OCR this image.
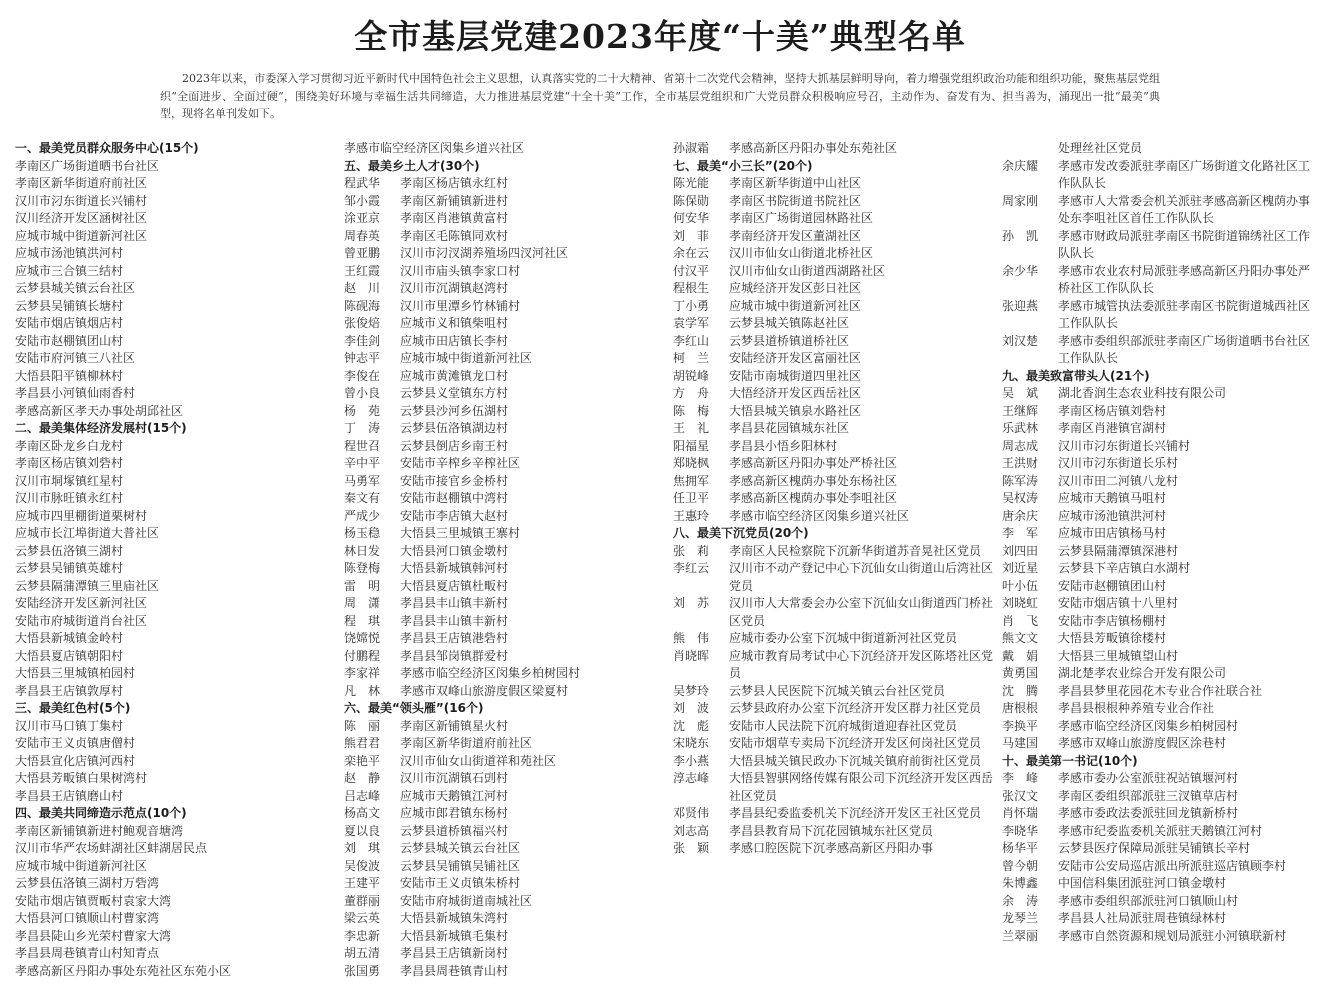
全市基层党建2023年度“十美”典型名单

2023年以来，市委深入学习贯彻习近平新时代中国特色社会主义思想，认真落实党的二十大精神、省第十二次党代会精神，坚持大抓基层鲜明导向，着力增强党组织政治功能和组织功能，聚焦基层党组织“全面进步、全面过硬”，围绕美好环境与幸福生活共同缔造，大力推进基层党建“十全十美”工作，全市基层党组织和广大党员群众积极响应号召，主动作为、奋发有为、担当善为，涌现出一批“最美”典型，现将名单刊发如下。

一、最美党员群众服务中心(15个)
孝南区广场街道晒书台社区
孝南区新华街道府前社区
汉川市汈东街道长兴铺村
汉川经济开发区涵树社区
应城市城中街道新河社区
应城市汤池镇洪河村
应城市三合镇三结村
云梦县城关镇云台社区
云梦县吴铺镇长塘村
安陆市烟店镇烟店村
安陆市赵棚镇团山村
安陆市府河镇三八社区
大悟县阳平镇柳林村
孝昌县小河镇仙雨香村
孝感高新区孝天办事处胡邱社区
二、最美集体经济发展村(15个)
孝南区卧龙乡白龙村
孝南区杨店镇刘砦村
汉川市垌塚镇红星村
汉川市脉旺镇永红村
应城市四里棚街道栗树村
应城市长江埠街道大普社区
云梦县伍洛镇三湖村
云梦县吴铺镇英雄村
云梦县隔蒲潭镇三里庙社区
安陆经济开发区新河社区
安陆市府城街道肖台社区
大悟县新城镇金岭村
大悟县夏店镇朝阳村
大悟县三里城镇柏园村
孝昌县王店镇敦厚村
三、最美红色村(5个)
汉川市马口镇丁集村
安陆市王义贞镇唐僧村
大悟县宣化店镇河西村
大悟县芳畈镇白果树湾村
孝昌县王店镇磨山村
四、最美共同缔造示范点(10个)
孝南区新铺镇新进村鲍观音塘湾
汉川市华严农场蚌湖社区蚌湖居民点
应城市城中街道新河社区
云梦县伍洛镇三湖村万砦湾
安陆市烟店镇贾畈村袁家大湾
大悟县河口镇顺山村曹家湾
孝昌县陡山乡光荣村曹家大湾
孝昌县周巷镇青山村知青点
孝感高新区丹阳办事处东苑社区东苑小区
孝感市临空经济区闵集乡道兴社区
五、最美乡土人才(30个)
程武华	孝南区杨店镇永红村
邹小霞	孝南区新铺镇新进村
涂亚京	孝南区肖港镇黄富村
周春英	孝南区毛陈镇同欢村
曾亚鹏	汉川市汈汊湖养殖场四汊河社区
王红霞	汉川市庙头镇李家口村
赵　川	汉川市沉湖镇赵湾村
陈砚海	汉川市里潭乡竹林铺村
张俊焙	应城市义和镇柴咀村
李佳剑	应城市田店镇长李村
钟志平	应城市城中街道新河社区
李俊在	应城市黄滩镇龙口村
曾小良	云梦县义堂镇东方村
杨　苑	云梦县沙河乡伍湖村
丁　涛	云梦县伍洛镇湖边村
程世召	云梦县倒店乡南王村
辛中平	安陆市辛榨乡辛榨社区
马勇军	安陆市接官乡金桥村
秦文有	安陆市赵棚镇中湾村
严成少	安陆市李店镇大赵村
杨玉稳	大悟县三里城镇王寨村
林日发	大悟县河口镇金墩村
陈登梅	大悟县新城镇韩河村
雷　明	大悟县夏店镇杜畈村
周　潇	孝昌县丰山镇丰新村
程　琪	孝昌县丰山镇丰新村
饶嫦悦	孝昌县王店镇港砦村
付鹏程	孝昌县邹岗镇群爱村
李家祥	孝感市临空经济区闵集乡柏树园村
凡　林	孝感市双峰山旅游度假区梁夏村
六、最美“领头雁”(16个)
陈　丽	孝南区新铺镇星火村
熊君君	孝南区新华街道府前社区
栾艳平	汉川市仙女山街道祥和苑社区
赵　静	汉川市沉湖镇石剅村
吕志峰	应城市天鹅镇江河村
杨高文	应城市郎君镇东杨村
夏以良	云梦县道桥镇福兴村
刘　琪	云梦县城关镇云台社区
吴俊波	云梦县吴铺镇吴铺社区
王建平	安陆市王义贞镇朱桥村
董群丽	安陆市府城街道南城社区
梁云英	大悟县新城镇朱湾村
李忠新	大悟县新城镇毛集村
胡五清	孝昌县王店镇新岗村
张国勇	孝昌县周巷镇青山村
孙淑霜	孝感高新区丹阳办事处东苑社区
七、最美“小三长”(20个)
陈光能	孝南区新华街道中山社区
陈保勋	孝南区书院街道书院社区
何安华	孝南区广场街道园林路社区
刘　菲	孝南经济开发区董湖社区
余在云	汉川市仙女山街道北桥社区
付汉平	汉川市仙女山街道西湖路社区
程根生	应城经济开发区彭日社区
丁小勇	应城市城中街道新河社区
袁学军	云梦县城关镇陈赵社区
李红山	云梦县道桥镇道桥社区
柯　兰	安陆经济开发区富丽社区
胡锐峰	安陆市南城街道四里社区
方　舟	大悟经济开发区西岳社区
陈　梅	大悟县城关镇泉水路社区
王　礼	孝昌县花园镇城东社区
阳福星	孝昌县小悟乡阳林村
郑晓枫	孝感高新区丹阳办事处严桥社区
焦拥军	孝感高新区槐荫办事处东杨社区
任卫平	孝感高新区槐荫办事处李咀社区
王惠玲	孝感市临空经济区闵集乡道兴社区
八、最美下沉党员(20个)
张　莉	孝南区人民检察院下沉新华街道苏音晃社区党员
李红云	汉川市不动产登记中心下沉仙女山街道山后湾社区党员
刘　苏	汉川市人大常委会办公室下沉仙女山街道西门桥社区党员
熊　伟	应城市委办公室下沉城中街道新河社区党员
肖晓晖	应城市教育局考试中心下沉经济开发区陈塔社区党员
吴梦玲	云梦县人民医院下沉城关镇云台社区党员
刘　波	云梦县政府办公室下沉经济开发区群力社区党员
沈　彪	安陆市人民法院下沉府城街道迎春社区党员
宋晓东	安陆市烟草专卖局下沉经济开发区何岗社区党员
李小燕	大悟县城关镇民政办下沉城关镇府前街社区党员
淳志峰	大悟县智骐网络传媒有限公司下沉经济开发区西岳社区党员
邓贤伟	孝昌县纪委监委机关下沉经济开发区王社区党员
刘志高	孝昌县教育局下沉花园镇城东社区党员
张　颖	孝感口腔医院下沉孝感高新区丹阳办事
处理丝社区党员
余庆耀	孝感市发改委派驻孝南区广场街道文化路社区工作队队长
周家刚	孝感市人大常委会机关派驻孝感高新区槐荫办事处东李咀社区首任工作队队长
孙　凯	孝感市财政局派驻孝南区书院街道锦绣社区工作队队长
余少华	孝感市农业农村局派驻孝感高新区丹阳办事处严桥社区工作队队长
张迎燕	孝感市城管执法委派驻孝南区书院街道城西社区工作队队长
刘汉楚	孝感市委组织部派驻孝南区广场街道晒书台社区工作队队长
九、最美致富带头人(21个)
吴　斌	湖北香润生态农业科技有限公司
王继辉	孝南区杨店镇刘砦村
乐武林	孝南区肖港镇官湖村
周志成	汉川市汈东街道长兴铺村
王洪财	汉川市汈东街道长乐村
陈军涛	汉川市田二河镇八龙村
吴权涛	应城市天鹅镇马咀村
唐余庆	应城市汤池镇洪河村
李　军	应城市田店镇杨马村
刘四田	云梦县隔蒲潭镇深港村
刘近星	云梦县下辛店镇白水湖村
叶小伍	安陆市赵棚镇团山村
刘晓虹	安陆市烟店镇十八里村
肖　飞	安陆市李店镇杨棚村
熊文文	大悟县芳畈镇徐楼村
戴　娟	大悟县三里城镇望山村
黄勇国	湖北楚孝农业综合开发有限公司
沈　腾	孝昌县梦里花园花木专业合作社联合社
唐根根	孝昌县根根种养殖专业合作社
李换平	孝感市临空经济区闵集乡柏树园村
马建国	孝感市双峰山旅游度假区涂巷村
十、最美第一书记(10个)
李　峰	孝感市委办公室派驻祝站镇堰河村
张汉文	孝南区委组织部派驻三汊镇草店村
肖怀瑞	孝感市委政法委派驻回龙镇新桥村
李晓华	孝感市纪委监委机关派驻天鹅镇江河村
杨华平	云梦县医疗保障局派驻吴铺镇长辛村
曾今朝	安陆市公安局巡店派出所派驻巡店镇顾李村
朱博鑫	中国信科集团派驻河口镇金墩村
余　涛	孝感市委组织部派驻河口镇顺山村
龙琴兰	孝昌县人社局派驻周巷镇绿林村
兰翠丽	孝感市自然资源和规划局派驻小河镇联新村
